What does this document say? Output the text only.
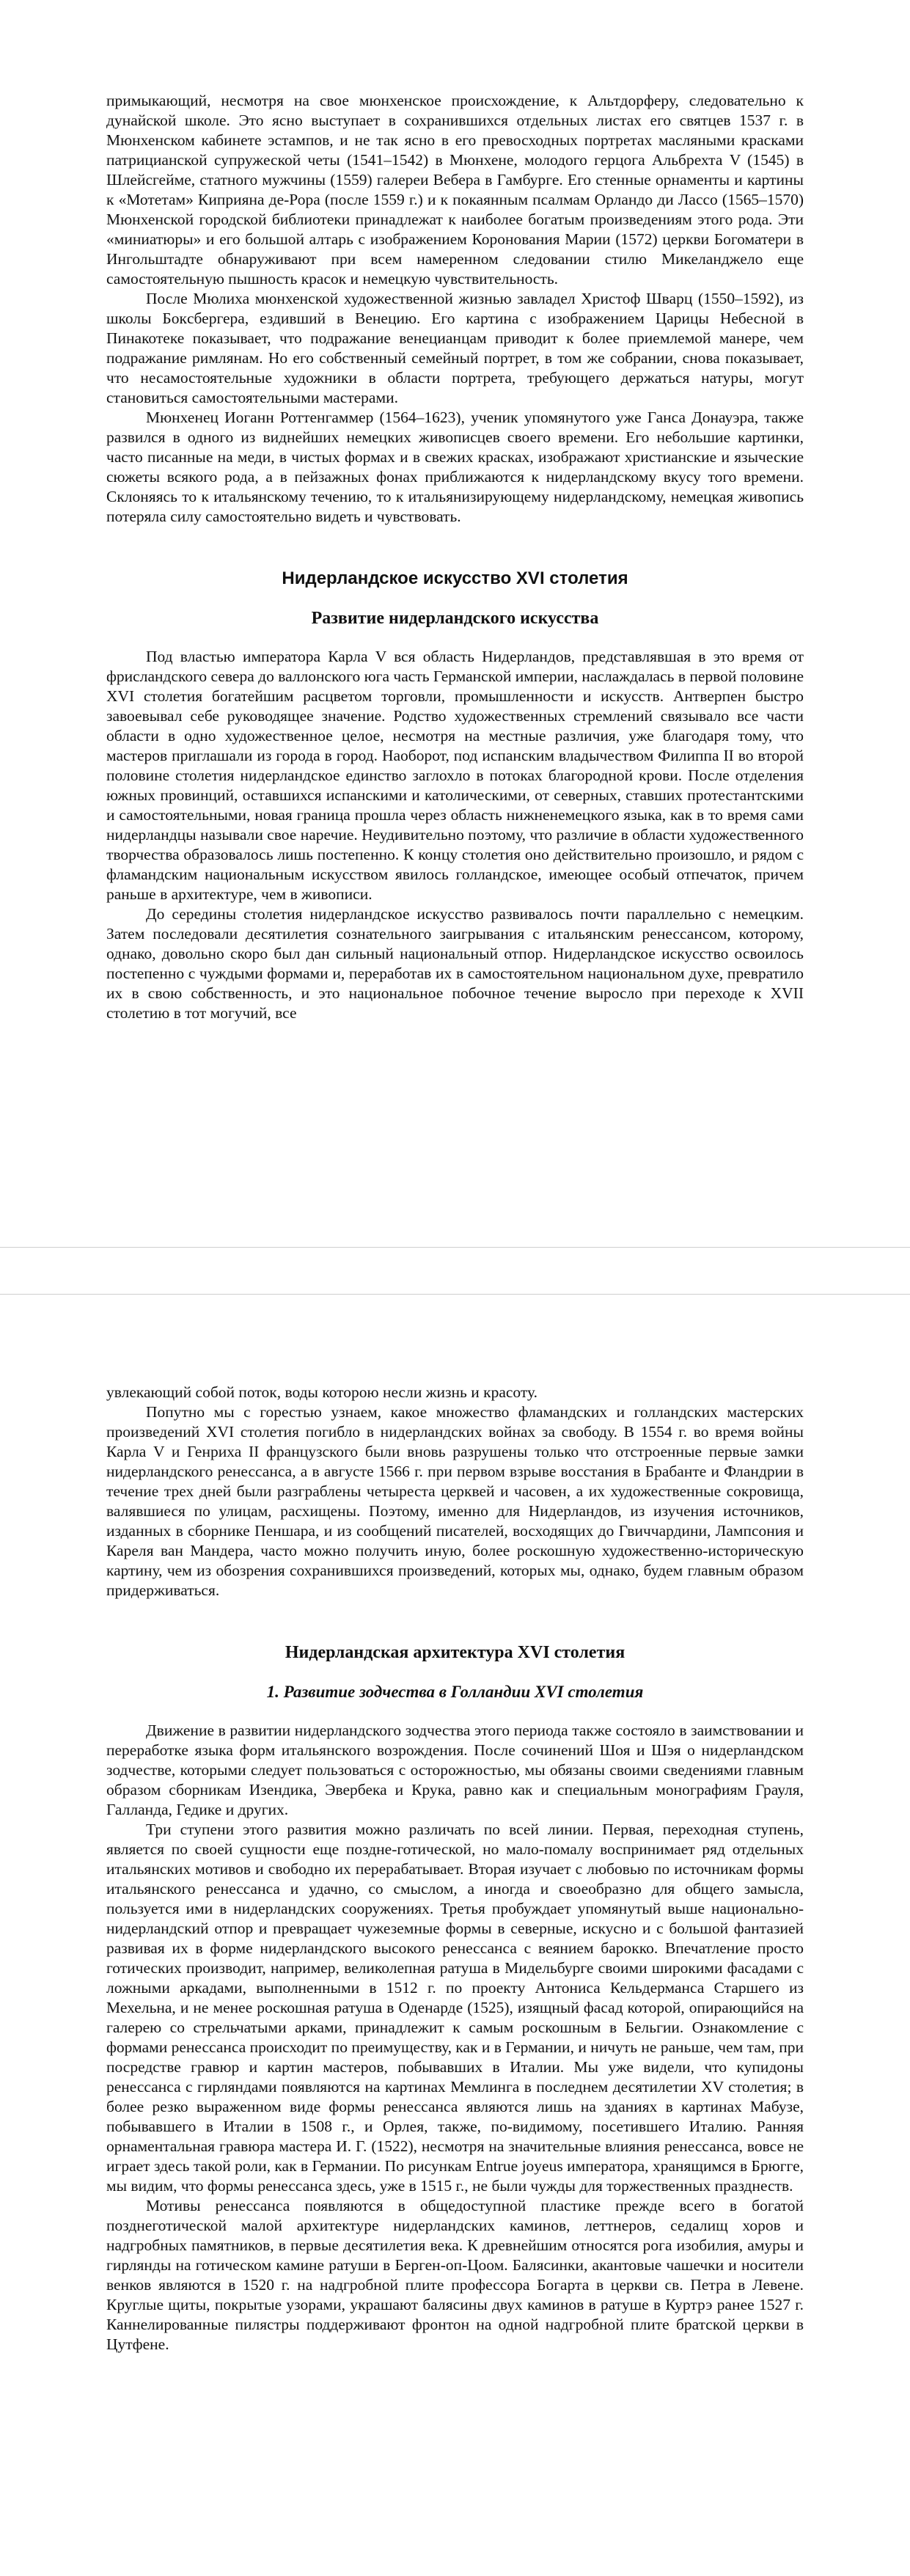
примыкающий, несмотря на свое мюнхенское происхождение, к Альтдорферу, следовательно к дунайской школе. Это ясно выступает в сохранившихся отдельных листах его святцев 1537 г. в Мюнхенском кабинете эстампов, и не так ясно в его превосходных портретах масляными красками патрицианской супружеской четы (1541–1542) в Мюнхене, молодого герцога Альбрехта V (1545) в Шлейсгейме, статного мужчины (1559) галереи Вебера в Гамбурге. Его стенные орнаменты и картины к «Мотетам» Киприяна де-Рора (после 1559 г.) и к покаянным псалмам Орландо ди Лассо (1565–1570) Мюнхенской городской библиотеки принадлежат к наиболее богатым произведениям этого рода. Эти «миниатюры» и его большой алтарь с изображением Коронования Марии (1572) церкви Богоматери в Ингольштадте обнаруживают при всем намеренном следовании стилю Микеланджело еще самостоятельную пышность красок и немецкую чувствительность.

После Мюлиха мюнхенской художественной жизнью завладел Христоф Шварц (1550–1592), из школы Бокcбергера, ездивший в Венецию. Его картина с изображением Царицы Небесной в Пинакотеке показывает, что подражание венецианцам приводит к более приемлемой манере, чем подражание римлянам. Но его собственный семейный портрет, в том же собрании, снова показывает, что несамостоятельные художники в области портрета, требующего держаться натуры, могут становиться самостоятельными мастерами.

Мюнхенец Иоганн Роттенгаммер (1564–1623), ученик упомянутого уже Ганса Донауэра, также развился в одного из виднейших немецких живописцев своего времени. Его небольшие картинки, часто писанные на меди, в чистых формах и в свежих красках, изображают христианские и языческие сюжеты всякого рода, а в пейзажных фонах приближаются к нидерландскому вкусу того времени. Склоняясь то к итальянскому течению, то к итальянизирующему нидерландскому, немецкая живопись потеряла силу самостоятельно видеть и чувствовать.

Нидерландское искусство XVI столетия
Развитие нидерландского искусства

Под властью императора Карла V вся область Нидерландов, представлявшая в это время от фрисландского севера до валлонского юга часть Германской империи, наслаждалась в первой половине XVI столетия богатейшим расцветом торговли, промышленности и искусств. Антверпен быстро завоевывал себе руководящее значение. Родство художественных стремлений связывало все части области в одно художественное целое, несмотря на местные различия, уже благодаря тому, что мастеров приглашали из города в город. Наоборот, под испанским владычеством Филиппа II во второй половине столетия нидерландское единство заглохло в потоках благородной крови. После отделения южных провинций, оставшихся испанскими и католическими, от северных, ставших протестантскими и самостоятельными, новая граница прошла через область нижненемецкого языка, как в то время сами нидерландцы называли свое наречие. Неудивительно поэтому, что различие в области художественного творчества образовалось лишь постепенно. К концу столетия оно действительно произошло, и рядом с фламандским национальным искусством явилось голландское, имеющее особый отпечаток, причем раньше в архитектуре, чем в живописи.

До середины столетия нидерландское искусство развивалось почти параллельно с немецким. Затем последовали десятилетия сознательного заигрывания с итальянским ренессансом, которому, однако, довольно скоро был дан сильный национальный отпор. Нидерландское искусство освоилось постепенно с чуждыми формами и, переработав их в самостоятельном национальном духе, превратило их в свою собственность, и это национальное побочное течение выросло при переходе к XVII столетию в тот могучий, все

увлекающий собой поток, воды которою несли жизнь и красоту.

Попутно мы с горестью узнаем, какое множество фламандских и голландских мастерских произведений XVI столетия погибло в нидерландских войнах за свободу. В 1554 г. во время войны Карла V и Генриха II французского были вновь разрушены только что отстроенные первые замки нидерландского ренессанса, а в августе 1566 г. при первом взрыве восстания в Брабанте и Фландрии в течение трех дней были разграблены четыреста церквей и часовен, а их художественные сокровища, валявшиеся по улицам, расхищены. Поэтому, именно для Нидерландов, из изучения источников, изданных в сборнике Пеншара, и из сообщений писателей, восходящих до Гвиччардини, Лампсония и Кареля ван Мандера, часто можно получить иную, более роскошную художественно-историческую картину, чем из обозрения сохранившихся произведений, которых мы, однако, будем главным образом придерживаться.

Нидерландская архитектура XVI столетия
1. Развитие зодчества в Голландии XVI столетия

Движение в развитии нидерландского зодчества этого периода также состояло в заимствовании и переработке языка форм итальянского возрождения. После сочинений Шоя и Шэя о нидерландском зодчестве, которыми следует пользоваться с осторожностью, мы обязаны своими сведениями главным образом сборникам Изендика, Эвербека и Крука, равно как и специальным монографиям Грауля, Галланда, Гедике и других.

Три ступени этого развития можно различать по всей линии. Первая, переходная ступень, является по своей сущности еще поздне-готической, но мало-помалу воспринимает ряд отдельных итальянских мотивов и свободно их перерабатывает. Вторая изучает с любовью по источникам формы итальянского ренессанса и удачно, со смыслом, а иногда и своеобразно для общего замысла, пользуется ими в нидерландских сооружениях. Третья пробуждает упомянутый выше национально-нидерландский отпор и превращает чужеземные формы в северные, искусно и с большой фантазией развивая их в форме нидерландского высокого ренессанса с веянием барокко. Впечатление просто готических производит, например, великолепная ратуша в Мидельбурге своими широкими фасадами с ложными аркадами, выполненными в 1512 г. по проекту Антониса Кельдерманса Старшего из Мехельна, и не менее роскошная ратуша в Оденарде (1525), изящный фасад которой, опирающийся на галерею со стрельчатыми арками, принадлежит к самым роскошным в Бельгии. Ознакомление с формами ренессанса происходит по преимуществу, как и в Германии, и ничуть не раньше, чем там, при посредстве гравюр и картин мастеров, побывавших в Италии. Мы уже видели, что купидоны ренессанса с гирляндами появляются на картинах Мемлинга в последнем десятилетии XV столетия; в более резко выраженном виде формы ренессанса являются лишь на зданиях в картинах Мабузе, побывавшего в Италии в 1508 г., и Орлея, также, по-видимому, посетившего Италию. Ранняя орнаментальная гравюра мастера И. Г. (1522), несмотря на значительные влияния ренессанса, вовсе не играет здесь такой роли, как в Германии. По рисункам Entrue joyeus императора, хранящимся в Брюгге, мы видим, что формы ренессанса здесь, уже в 1515 г., не были чужды для торжественных празднеств.

Мотивы ренессанса появляются в общедоступной пластике прежде всего в богатой позднеготической малой архитектуре нидерландских каминов, леттнеров, седалищ хоров и надгробных памятников, в первые десятилетия века. К древнейшим относятся рога изобилия, амуры и гирлянды на готическом камине ратуши в Берген-оп-Цоом. Балясинки, акантовые чашечки и носители венков являются в 1520 г. на надгробной плите профессора Богарта в церкви св. Петра в Левене. Круглые щиты, покрытые узорами, украшают балясины двух каминов в ратуше в Куртрэ ранее 1527 г. Каннелированные пилястры поддерживают фронтон на одной надгробной плите братской церкви в Цутфене.
